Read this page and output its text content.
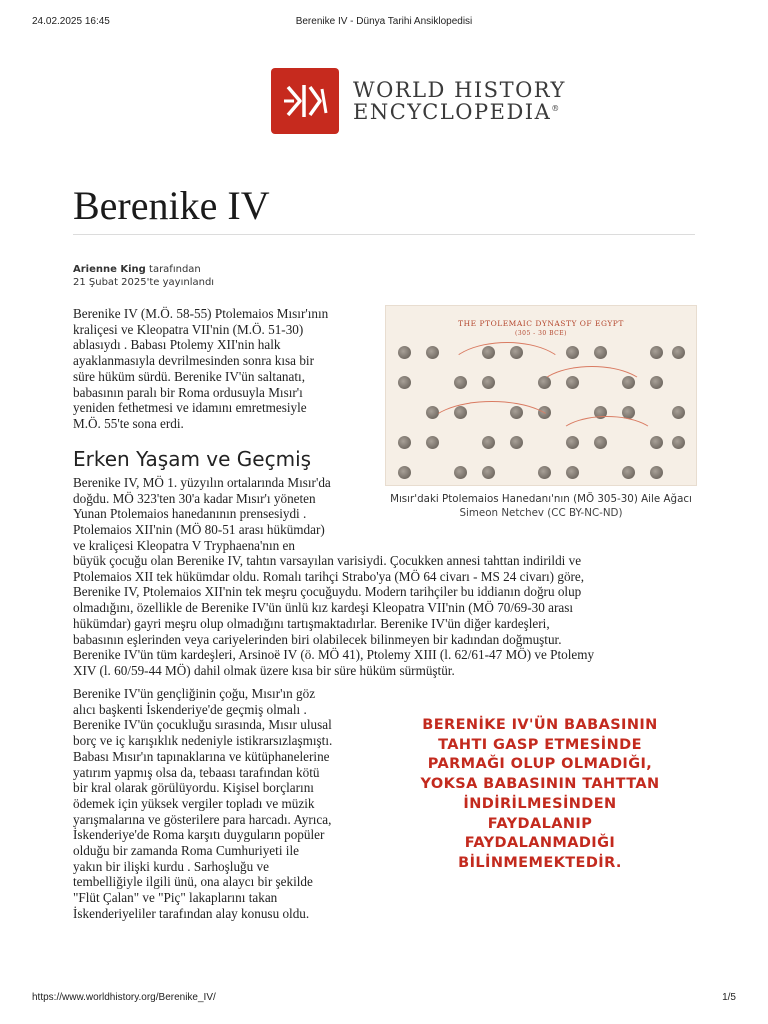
24.02.2025 16:45	Berenike IV - Dünya Tarihi Ansiklopedisi
WORLD HISTORY
ENCYCLOPEDIA®
Berenike IV
Arienne King tarafından
21 Şubat 2025'te yayınlandı

Berenike IV (M.Ö. 58-55) Ptolemaios Mısır'ının
kraliçesi ve Kleopatra VII'nin (M.Ö. 51-30)
ablasıydı . Babası Ptolemy XII'nin halk
ayaklanmasıyla devrilmesinden sonra kısa bir
süre hüküm sürdü. Berenike IV'ün saltanatı,
babasının paralı bir Roma ordusuyla Mısır'ı
yeniden fethetmesi ve idamını emretmesiyle
M.Ö. 55'te sona erdi.

Erken Yaşam ve Geçmiş

Berenike IV, MÖ 1. yüzyılın ortalarında Mısır'da
doğdu. MÖ 323'ten 30'a kadar Mısır'ı yöneten
Yunan Ptolemaios hanedanının prensesiydi .
Ptolemaios XII'nin (MÖ 80-51 arası hükümdar)
ve kraliçesi Kleopatra V Tryphaena'nın en

büyük çocuğu olan Berenike IV, tahtın varsayılan varisiydi. Çocukken annesi tahttan indirildi ve
Ptolemaios XII tek hükümdar oldu. Romalı tarihçi Strabo'ya (MÖ 64 civarı - MS 24 civarı) göre,
Berenike IV, Ptolemaios XII'nin tek meşru çocuğuydu. Modern tarihçiler bu iddianın doğru olup
olmadığını, özellikle de Berenike IV'ün ünlü kız kardeşi Kleopatra VII'nin (MÖ 70/69-30 arası
hükümdar) gayri meşru olup olmadığını tartışmaktadırlar. Berenike IV'ün diğer kardeşleri,
babasının eşlerinden veya cariyelerinden biri olabilecek bilinmeyen bir kadından doğmuştur.
Berenike IV'ün tüm kardeşleri, Arsinoë IV (ö. MÖ 41), Ptolemy XIII (l. 62/61-47 MÖ) ve Ptolemy
XIV (l. 60/59-44 MÖ) dahil olmak üzere kısa bir süre hüküm sürmüştür.

Berenike IV'ün gençliğinin çoğu, Mısır'ın göz
alıcı başkenti İskenderiye'de geçmiş olmalı .
Berenike IV'ün çocukluğu sırasında, Mısır ulusal
borç ve iç karışıklık nedeniyle istikrarsızlaşmıştı.
Babası Mısır'ın tapınaklarına ve kütüphanelerine
yatırım yapmış olsa da, tebaası tarafından kötü
bir kral olarak görülüyordu. Kişisel borçlarını
ödemek için yüksek vergiler topladı ve müzik
yarışmalarına ve gösterilere para harcadı. Ayrıca,
İskenderiye'de Roma karşıtı duyguların popüler
olduğu bir zamanda Roma Cumhuriyeti ile
yakın bir ilişki kurdu . Sarhoşluğu ve
tembelliğiyle ilgili ünü, ona alaycı bir şekilde
"Flüt Çalan" ve "Piç" lakaplarını takan
İskenderiyeliler tarafından alay konusu oldu.

THE PTOLEMAIC DYNASTY OF EGYPT
(305 - 30 BCE)
Mısır'daki Ptolemaios Hanedanı'nın (MÖ 305-30) Aile Ağacı
Simeon Netchev (CC BY-NC-ND)
BERENİKE IV'ÜN BABASININ
TAHTI GASP ETMESİNDE
PARMAĞI OLUP OLMADIĞI,
YOKSA BABASININ TAHTTAN
İNDİRİLMESİNDEN
FAYDALANIP
FAYDALANMADIĞI
BİLİNMEMEKTEDİR.
https://www.worldhistory.org/Berenike_IV/	1/5
